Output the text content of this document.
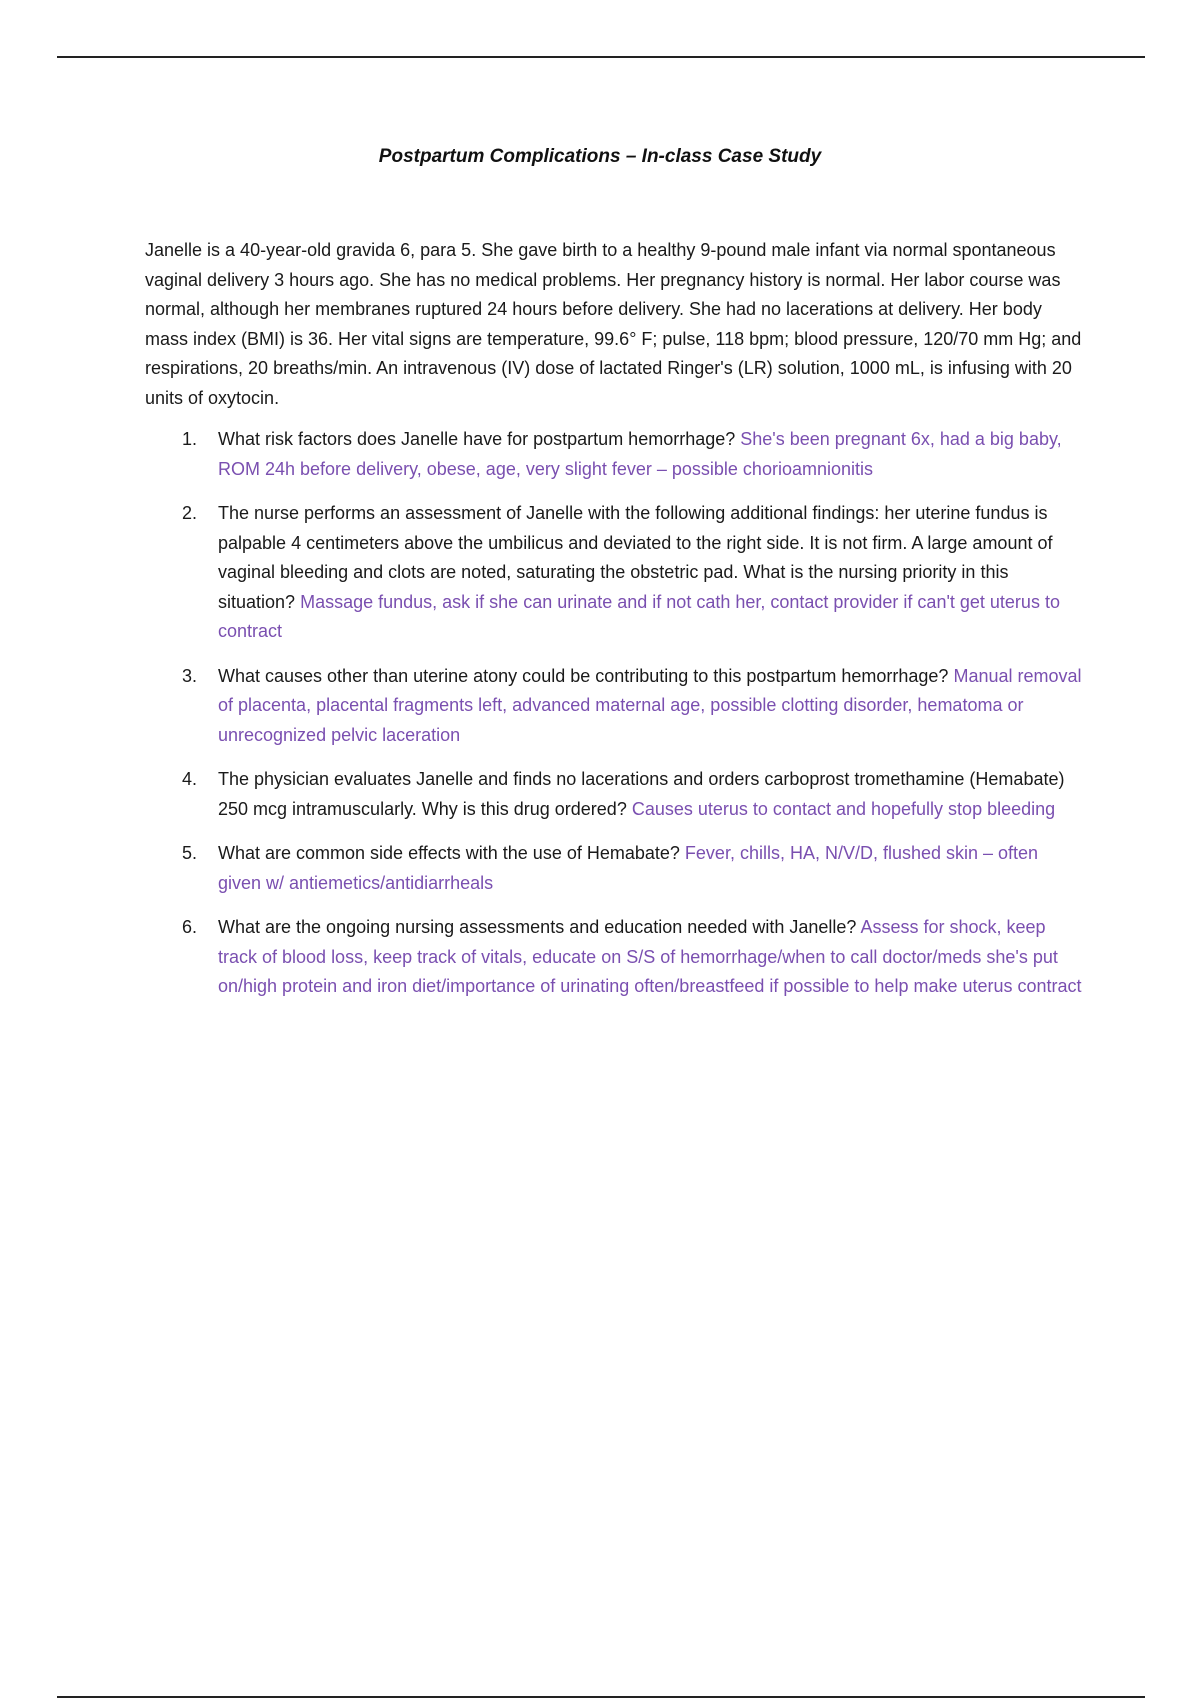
Postpartum Complications – In-class Case Study

Janelle is a 40-year-old gravida 6, para 5. She gave birth to a healthy 9-pound male infant via normal spontaneous vaginal delivery 3 hours ago. She has no medical problems. Her pregnancy history is normal. Her labor course was normal, although her membranes ruptured 24 hours before delivery. She had no lacerations at delivery. Her body mass index (BMI) is 36. Her vital signs are temperature, 99.6° F; pulse, 118 bpm; blood pressure, 120/70 mm Hg; and respirations, 20 breaths/min. An intravenous (IV) dose of lactated Ringer's (LR) solution, 1000 mL, is infusing with 20 units of oxytocin.

1. What risk factors does Janelle have for postpartum hemorrhage? She's been pregnant 6x, had a big baby, ROM 24h before delivery, obese, age, very slight fever – possible chorioamnionitis
2. The nurse performs an assessment of Janelle with the following additional findings: her uterine fundus is palpable 4 centimeters above the umbilicus and deviated to the right side. It is not firm. A large amount of vaginal bleeding and clots are noted, saturating the obstetric pad. What is the nursing priority in this situation? Massage fundus, ask if she can urinate and if not cath her, contact provider if can't get uterus to contract
3. What causes other than uterine atony could be contributing to this postpartum hemorrhage? Manual removal of placenta, placental fragments left, advanced maternal age, possible clotting disorder, hematoma or unrecognized pelvic laceration
4. The physician evaluates Janelle and finds no lacerations and orders carboprost tromethamine (Hemabate) 250 mcg intramuscularly. Why is this drug ordered? Causes uterus to contact and hopefully stop bleeding
5. What are common side effects with the use of Hemabate? Fever, chills, HA, N/V/D, flushed skin – often given w/ antiemetics/antidiarrheals
6. What are the ongoing nursing assessments and education needed with Janelle? Assess for shock, keep track of blood loss, keep track of vitals, educate on S/S of hemorrhage/when to call doctor/meds she's put on/high protein and iron diet/importance of urinating often/breastfeed if possible to help make uterus contract
